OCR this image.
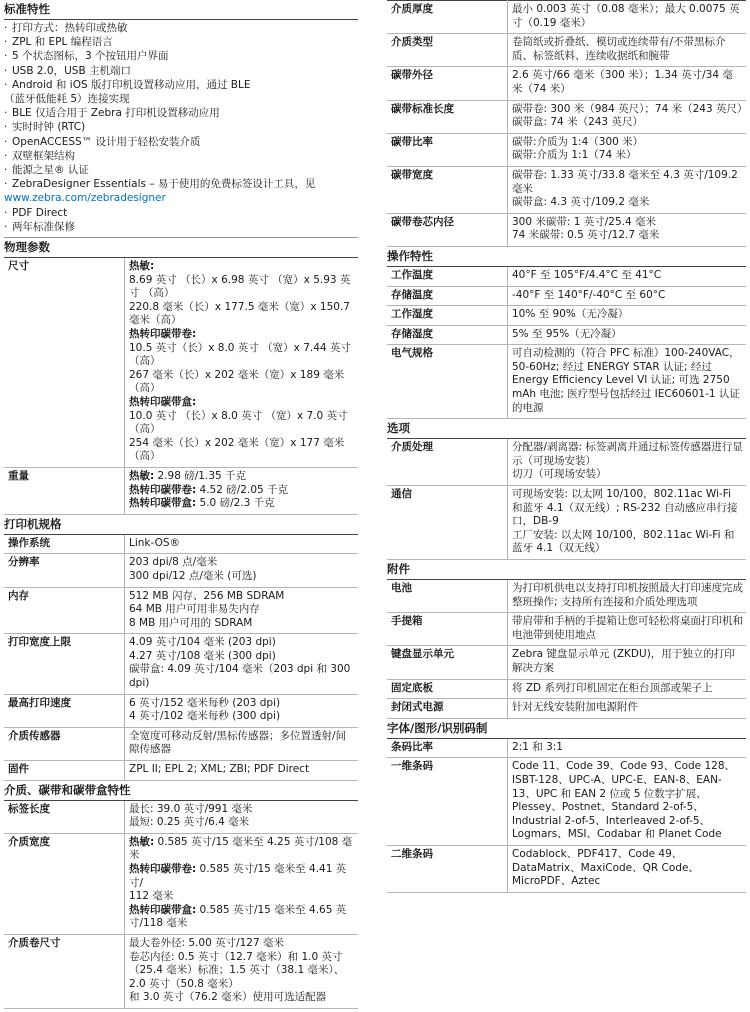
标准特性
· 打印方式：热转印或热敏
· ZPL 和 EPL 编程语言
· 5 个状态图标，3 个按钮用户界面
· USB 2.0，USB 主机端口
· Android 和 iOS 版打印机设置移动应用，通过 BLE
（蓝牙低能耗 5）连接实现
· BLE 仅适合用于 Zebra 打印机设置移动应用
· 实时时钟 (RTC)
· OpenACCESS™ 设计用于轻松安装介质
· 双壁框架结构
· 能源之星® 认证
· ZebraDesigner Essentials – 易于使用的免费标签设计工具，见
www.zebra.com/zebradesigner
· PDF Direct
· 两年标准保修
物理参数
尺寸	热敏:
8.69 英寸 （长）x 6.98 英寸 （宽）x 5.93 英寸 （高）
220.8 毫米（长）x 177.5 毫米（宽）x 150.7 毫米（高）
热转印碳带卷:
10.5 英寸（长）x 8.0 英寸 （宽）x 7.44 英寸 （高）
267 毫米（长）x 202 毫米（宽）x 189 毫米（高）
热转印碳带盒:
10.0 英寸 （长）x 8.0 英寸 （宽）x 7.0 英寸 （高）
254 毫米（长）x 202 毫米（宽）x 177 毫米（高）

重量	热敏: 2.98 磅/1.35 千克
热转印碳带卷: 4.52 磅/2.05 千克
热转印碳带盒: 5.0 磅/2.3 千克
打印机规格
操作系统	Link-OS®

分辨率	203 dpi/8 点/毫米
300 dpi/12 点/毫米 (可选)

内存	512 MB 闪存、256 MB SDRAM
64 MB 用户可用非易失内存
8 MB 用户可用的 SDRAM

打印宽度上限	4.09 英寸/104 毫米 (203 dpi)
4.27 英寸/108 毫米 (300 dpi)
碳带盒: 4.09 英寸/104 毫米（203 dpi 和 300 dpi)

最高打印速度	6 英寸/152 毫米每秒 (203 dpi)
4 英寸/102 毫米每秒 (300 dpi)

介质传感器	全宽度可移动反射/黑标传感器；多位置透射/间隙传感器

固件	ZPL II; EPL 2; XML; ZBI; PDF Direct
介质、碳带和碳带盒特性
标签长度	最长: 39.0 英寸/991 毫米
最短: 0.25 英寸/6.4 毫米

介质宽度	热敏: 0.585 英寸/15 毫米至 4.25 英寸/108 毫米
热转印碳带卷: 0.585 英寸/15 毫米至 4.41 英寸/
112 毫米
热转印碳带盒: 0.585 英寸/15 毫米至 4.65 英寸/118 毫米

介质卷尺寸	最大卷外径: 5.00 英寸/127 毫米
卷芯内径: 0.5 英寸（12.7 毫米）和 1.0 英寸（25.4 毫米）标准；1.5 英寸（38.1 毫米）、2.0 英寸（50.8 毫米）
和 3.0 英寸（76.2 毫米）使用可选适配器
介质厚度	最小 0.003 英寸（0.08 毫米）；最大 0.0075 英寸（0.19 毫米）

介质类型	卷筒纸或折叠纸、模切或连续带有/不带黑标介质、标签纸料、连续收据纸和腕带

碳带外径	2.6 英寸/66 毫米（300 米）；1.34 英寸/34 毫米（74 米）

碳带标准长度	碳带卷: 300 米（984 英尺）；74 米（243 英尺）
碳带盒: 74 米（243 英尺）

碳带比率	碳带:介质为 1:4（300 米）
碳带:介质为 1:1（74 米）

碳带宽度	碳带卷: 1.33 英寸/33.8 毫米至 4.3 英寸/109.2 毫米
碳带盒: 4.3 英寸/109.2 毫米

碳带卷芯内径	300 米碳带: 1 英寸/25.4 毫米
74 米碳带: 0.5 英寸/12.7 毫米
操作特性
工作温度	40°F 至 105°F/4.4°C 至 41°C

存储温度	-40°F 至 140°F/-40°C 至 60°C

工作湿度	10% 至 90%（无冷凝）

存储湿度	5% 至 95%（无冷凝）

电气规格	可自动检测的（符合 PFC 标准）100-240VAC，
50-60Hz; 经过 ENERGY STAR 认证; 经过 Energy Efficiency Level VI 认证; 可选 2750 mAh 电池; 医疗型号包括经过 IEC60601-1 认证的电源
选项
介质处理	分配器/剥离器: 标签剥离并通过标签传感器进行显示（可现场安装）
切刀（可现场安装）

通信	可现场安装: 以太网 10/100，802.11ac Wi-Fi 和蓝牙 4.1（双无线）; RS-232 自动感应串行接口，DB-9
工厂安装: 以太网 10/100，802.11ac Wi-Fi 和蓝牙 4.1（双无线）
附件
电池	为打印机供电以支持打印机按照最大打印速度完成整班操作; 支持所有连接和介质处理选项

手提箱	带肩带和手柄的手提箱让您可轻松将桌面打印机和电池带到使用地点

键盘显示单元	Zebra 键盘显示单元 (ZKDU)，用于独立的打印解决方案

固定底板	将 ZD 系列打印机固定在柜台顶部或架子上

封闭式电源	针对无线安装附加电源附件
字体/图形/识别码制
条码比率	2:1 和 3:1

一维条码	Code 11、Code 39、Code 93、Code 128、ISBT-128、UPC-A、UPC-E、EAN-8、EAN-13、UPC 和 EAN 2 位或 5 位数字扩展、Plessey、Postnet、Standard 2-of-5、Industrial 2-of-5、Interleaved 2-of-5、Logmars、MSI、Codabar 和 Planet Code

二维条码	Codablock、PDF417、Code 49、DataMatrix、MaxiCode、QR Code、MicroPDF、Aztec
